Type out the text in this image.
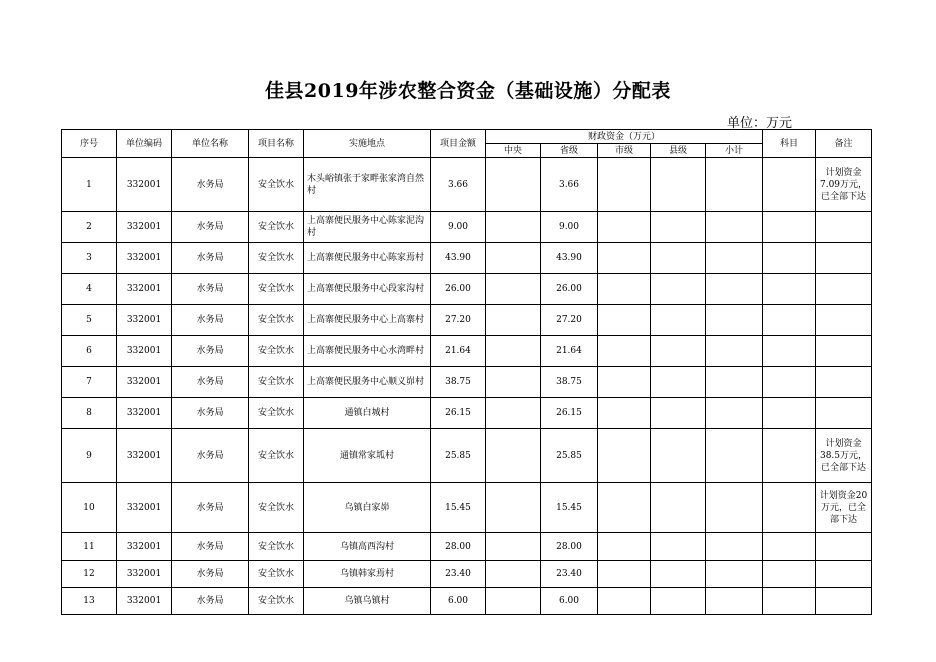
佳县2019年涉农整合资金（基础设施）分配表
单位：万元
序号	单位编码	单位名称	项目名称	实施地点	项目金额	财政资金（万元）					科目	备注
						中央	省级	市级	县级	小计		
1	332001	水务局	安全饮水	木头峪镇张于家畔张家湾自然村	3.66		3.66					计划资金7.09万元，已全部下达
2	332001	水务局	安全饮水	上高寨便民服务中心陈家泥沟村	9.00		9.00					
3	332001	水务局	安全饮水	上高寨便民服务中心陈家焉村	43.90		43.90					
4	332001	水务局	安全饮水	上高寨便民服务中心段家沟村	26.00		26.00					
5	332001	水务局	安全饮水	上高寨便民服务中心上高寨村	27.20		27.20					
6	332001	水务局	安全饮水	上高寨便民服务中心水湾畔村	21.64		21.64					
7	332001	水务局	安全饮水	上高寨便民服务中心顺义峁村	38.75		38.75					
8	332001	水务局	安全饮水	通镇白城村	26.15		26.15					
9	332001	水务局	安全饮水	通镇常家坬村	25.85		25.85					计划资金38.5万元，已全部下达
10	332001	水务局	安全饮水	乌镇白家峁	15.45		15.45					计划资金20万元，已全部下达
11	332001	水务局	安全饮水	乌镇高西沟村	28.00		28.00					
12	332001	水务局	安全饮水	乌镇韩家焉村	23.40		23.40					
13	332001	水务局	安全饮水	乌镇乌镇村	6.00		6.00					
